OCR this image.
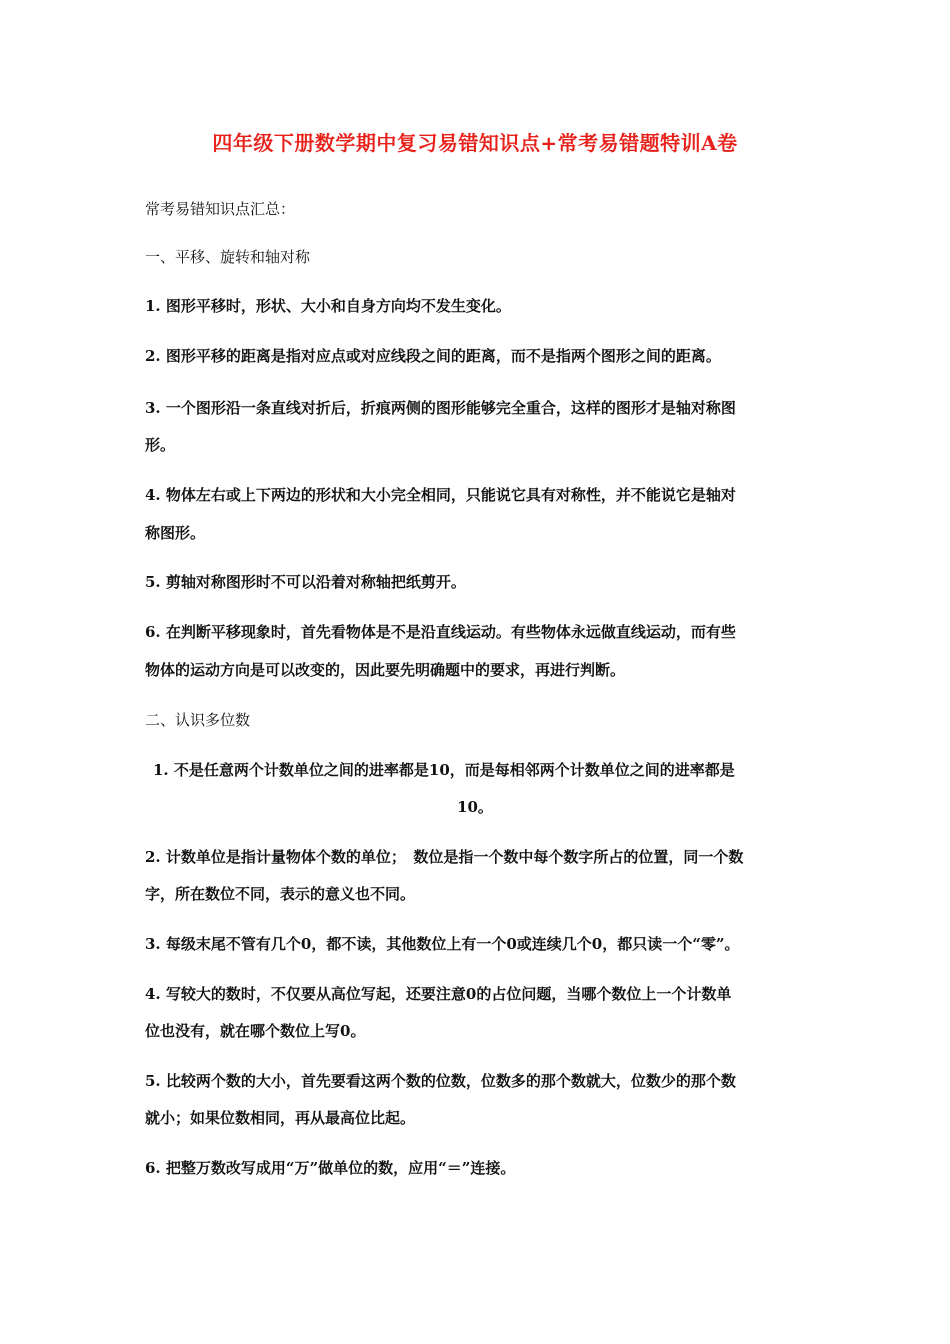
四年级下册数学期中复习易错知识点+常考易错题特训A卷
常考易错知识点汇总：
一、平移、旋转和轴对称
1. 图形平移时，形状、大小和自身方向均不发生变化。
2. 图形平移的距离是指对应点或对应线段之间的距离，而不是指两个图形之间的距离。
3. 一个图形沿一条直线对折后，折痕两侧的图形能够完全重合，这样的图形才是轴对称图
形。
4. 物体左右或上下两边的形状和大小完全相同，只能说它具有对称性，并不能说它是轴对
称图形。
5. 剪轴对称图形时不可以沿着对称轴把纸剪开。
6. 在判断平移现象时，首先看物体是不是沿直线运动。有些物体永远做直线运动，而有些
物体的运动方向是可以改变的，因此要先明确题中的要求，再进行判断。
二、认识多位数
1. 不是任意两个计数单位之间的进率都是10，而是每相邻两个计数单位之间的进率都是
10。
2. 计数单位是指计量物体个数的单位；　数位是指一个数中每个数字所占的位置，同一个数
字，所在数位不同，表示的意义也不同。
3. 每级末尾不管有几个0，都不读，其他数位上有一个0或连续几个0，都只读一个“零”。
4. 写较大的数时，不仅要从高位写起，还要注意0的占位问题，当哪个数位上一个计数单
位也没有，就在哪个数位上写0。
5. 比较两个数的大小，首先要看这两个数的位数，位数多的那个数就大，位数少的那个数
就小；如果位数相同，再从最高位比起。
6. 把整万数改写成用“万”做单位的数，应用“＝”连接。
